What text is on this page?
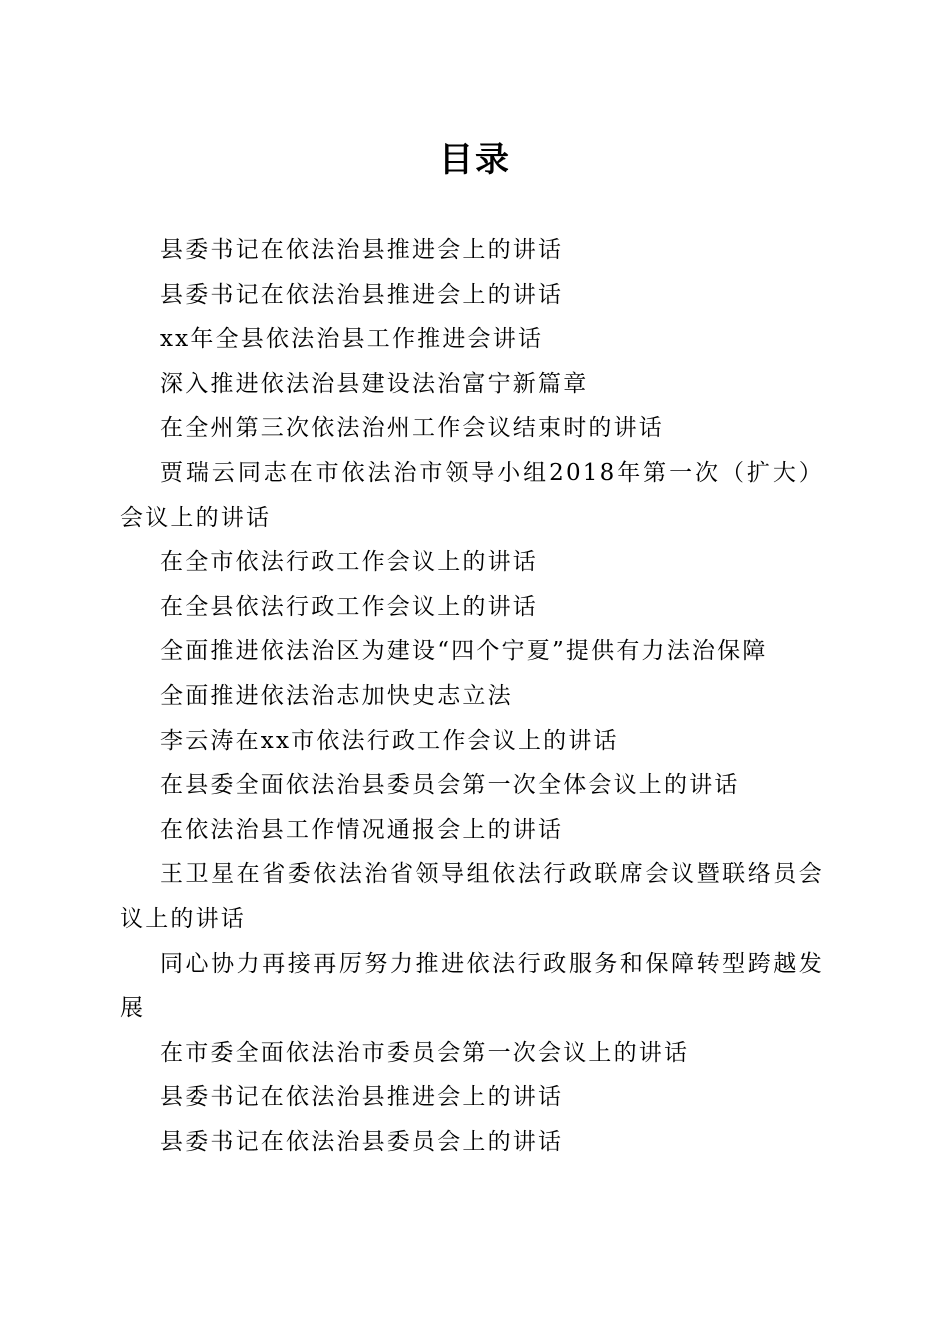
目录
县委书记在依法治县推进会上的讲话
县委书记在依法治县推进会上的讲话
xx年全县依法治县工作推进会讲话
深入推进依法治县建设法治富宁新篇章
在全州第三次依法治州工作会议结束时的讲话
贾瑞云同志在市依法治市领导小组2018年第一次（扩大）会议上的讲话
在全市依法行政工作会议上的讲话
在全县依法行政工作会议上的讲话
全面推进依法治区为建设“四个宁夏”提供有力法治保障
全面推进依法治志加快史志立法
李云涛在xx市依法行政工作会议上的讲话
在县委全面依法治县委员会第一次全体会议上的讲话
在依法治县工作情况通报会上的讲话
王卫星在省委依法治省领导组依法行政联席会议暨联络员会议上的讲话
同心协力再接再厉努力推进依法行政服务和保障转型跨越发展
在市委全面依法治市委员会第一次会议上的讲话
县委书记在依法治县推进会上的讲话
县委书记在依法治县委员会上的讲话
